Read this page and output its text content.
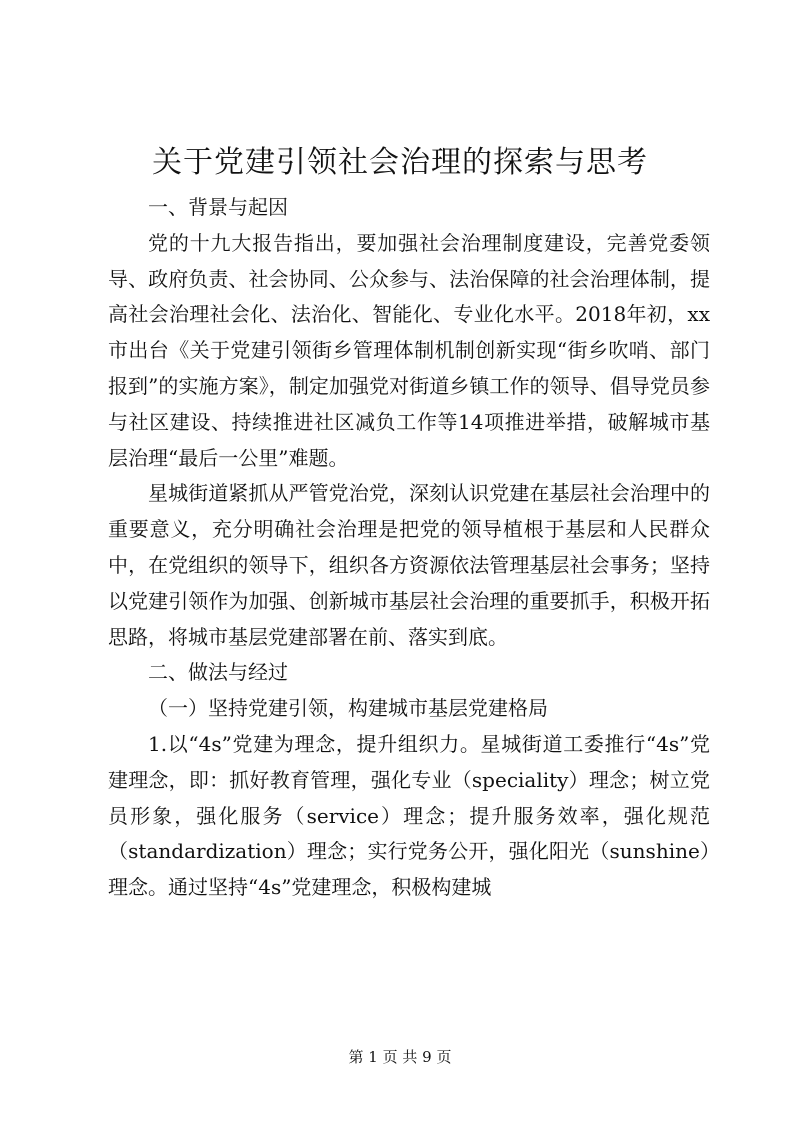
关于党建引领社会治理的探索与思考

一、背景与起因

党的十九大报告指出，要加强社会治理制度建设，完善党委领导、政府负责、社会协同、公众参与、法治保障的社会治理体制，提高社会治理社会化、法治化、智能化、专业化水平。2018年初，xx市出台《关于党建引领街乡管理体制机制创新实现“街乡吹哨、部门报到”的实施方案》，制定加强党对街道乡镇工作的领导、倡导党员参与社区建设、持续推进社区减负工作等14项推进举措，破解城市基层治理“最后一公里”难题。

星城街道紧抓从严管党治党，深刻认识党建在基层社会治理中的重要意义，充分明确社会治理是把党的领导植根于基层和人民群众中，在党组织的领导下，组织各方资源依法管理基层社会事务；坚持以党建引领作为加强、创新城市基层社会治理的重要抓手，积极开拓思路，将城市基层党建部署在前、落实到底。

二、做法与经过

（一）坚持党建引领，构建城市基层党建格局

1.以“4s”党建为理念，提升组织力。星城街道工委推行“4s”党建理念，即：抓好教育管理，强化专业（speciality）理念；树立党员形象，强化服务（service）理念；提升服务效率，强化规范（standardization）理念；实行党务公开，强化阳光（sunshine）理念。通过坚持“4s”党建理念，积极构建城

第 1 页 共 9 页
